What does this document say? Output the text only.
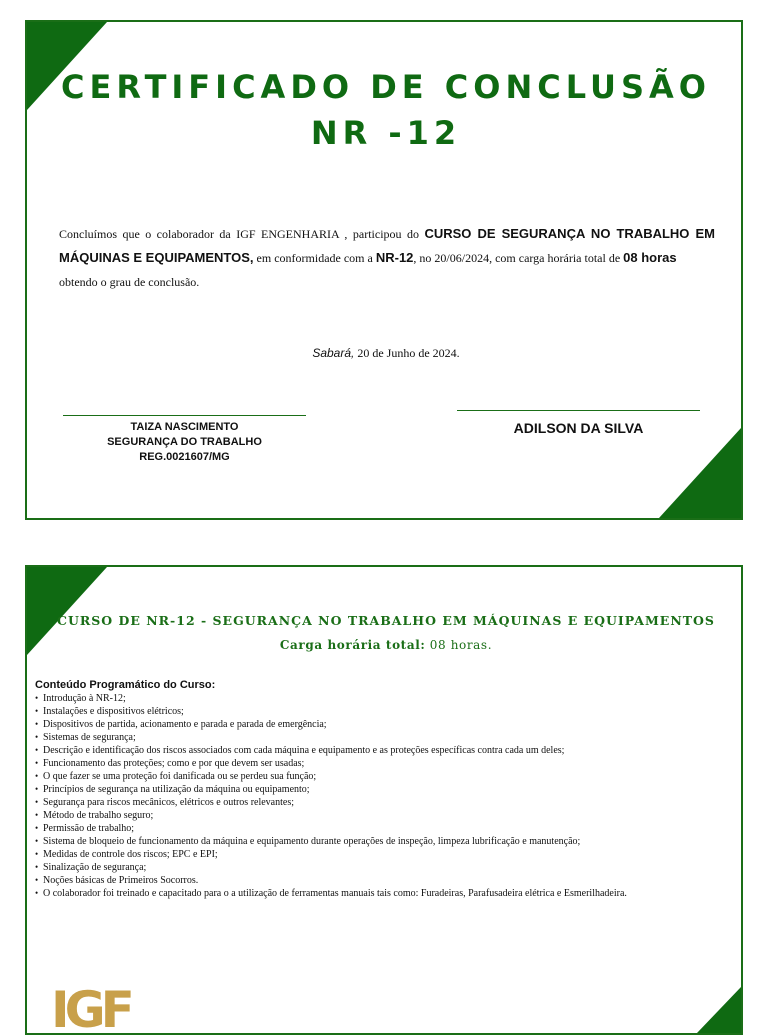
CERTIFICADO DE CONCLUSÃO
NR -12
Concluímos que o colaborador da IGF ENGENHARIA , participou do CURSO DE SEGURANÇA NO TRABALHO EM MÁQUINAS E EQUIPAMENTOS, em conformidade com a NR-12, no 20/06/2024, com carga horária total de 08 horas
obtendo o grau de conclusão.
Sabará, 20 de Junho de 2024.
TAIZA NASCIMENTO
SEGURANÇA DO TRABALHO
REG.0021607/MG
ADILSON DA SILVA
CURSO DE NR-12 - SEGURANÇA NO TRABALHO EM MÁQUINAS E EQUIPAMENTOS
Carga horária total: 08 horas.
Conteúdo Programático do Curso:
• Introdução à NR-12;
• Instalações e dispositivos elétricos;
• Dispositivos de partida, acionamento e parada e parada de emergência;
• Sistemas de segurança;
• Descrição e identificação dos riscos associados com cada máquina e equipamento e as proteções específicas contra cada um deles;
• Funcionamento das proteções; como e por que devem ser usadas;
• O que fazer se uma proteção foi danificada ou se perdeu sua função;
• Princípios de segurança na utilização da máquina ou equipamento;
• Segurança para riscos mecânicos, elétricos e outros relevantes;
• Método de trabalho seguro;
• Permissão de trabalho;
• Sistema de bloqueio de funcionamento da máquina e equipamento durante operações de inspeção, limpeza lubrificação e manutenção;
• Medidas de controle dos riscos; EPC e EPI;
• Sinalização de segurança;
• Noções básicas de Primeiros Socorros.
• O colaborador foi treinado e capacitado para o a utilização de ferramentas manuais tais como: Furadeiras, Parafusadeira elétrica e Esmerilhadeira.
IGF
